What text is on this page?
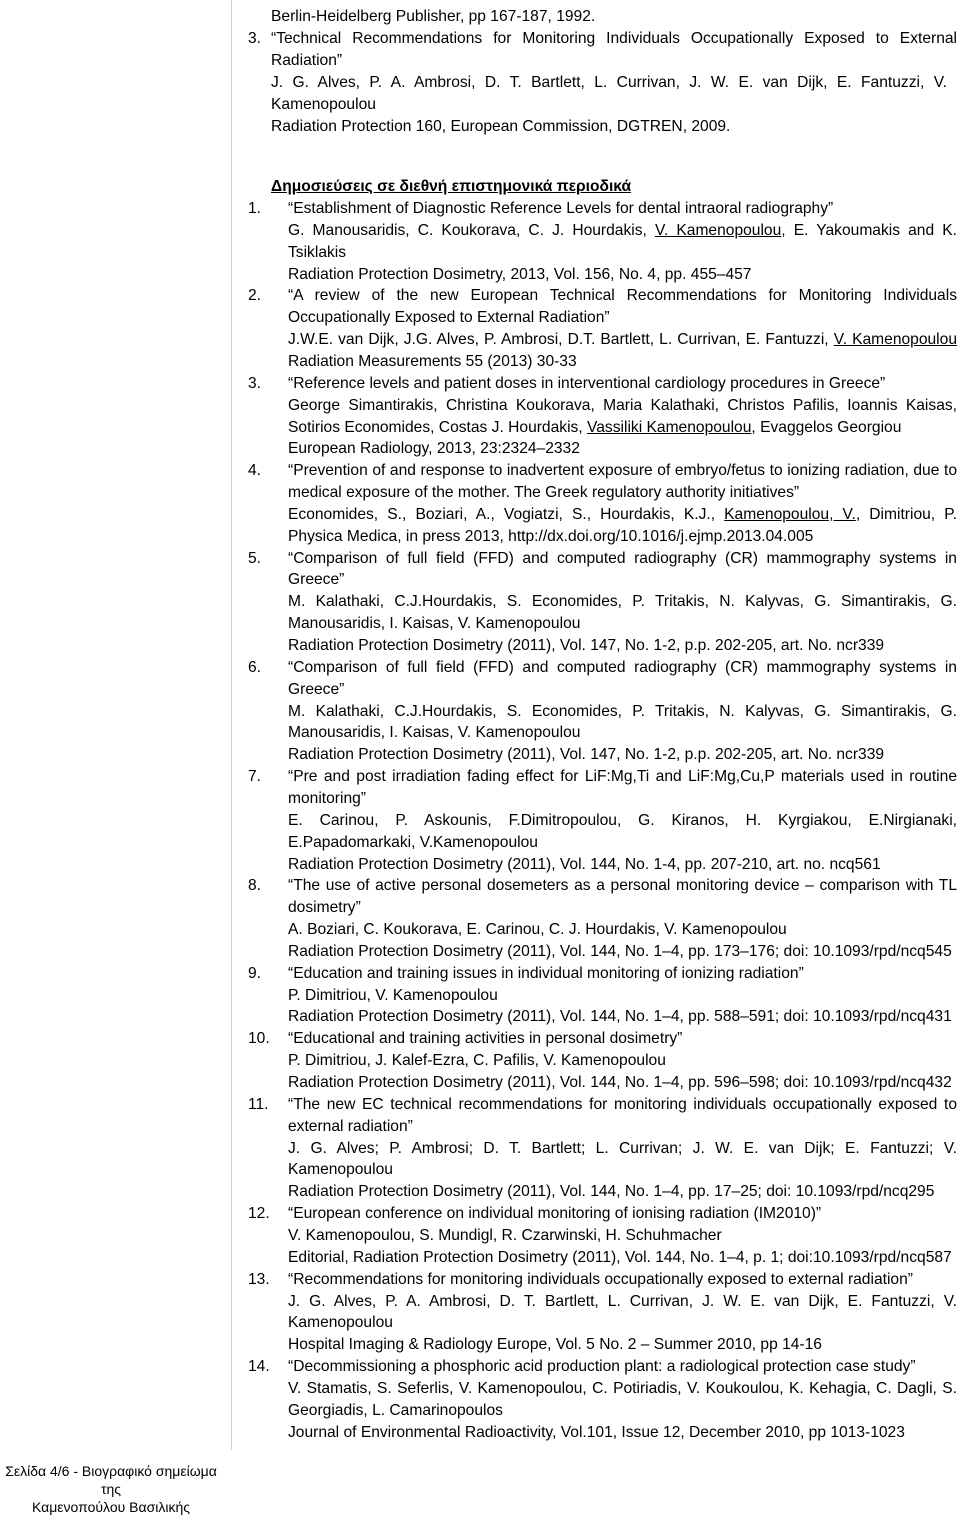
Berlin-Heidelberg Publisher, pp 167-187, 1992.
3. “Technical Recommendations for Monitoring Individuals Occupationally Exposed to External
Radiation”
J. G. Alves, P. A. Ambrosi, D. T. Bartlett, L. Currivan, J. W. E. van Dijk, E. Fantuzzi, V.
Kamenopoulou
Radiation Protection 160, European Commission, DGTREN, 2009.
Δημοσιεύσεις σε διεθνή επιστημονικά περιοδικά
1. “Establishment of Diagnostic Reference Levels for dental intraoral radiography”
G. Manousaridis, C. Koukorava, C. J. Hourdakis, V. Kamenopoulou, E. Yakoumakis and K.
Tsiklakis
Radiation Protection Dosimetry, 2013, Vol. 156, No. 4, pp. 455–457
2. “A review of the new European Technical Recommendations for Monitoring Individuals
Occupationally Exposed to External Radiation”
J.W.E. van Dijk, J.G. Alves, P. Ambrosi, D.T. Bartlett, L. Currivan, E. Fantuzzi, V. Kamenopoulou
Radiation Measurements 55 (2013) 30-33
3. “Reference levels and patient doses in interventional cardiology procedures in Greece”
George Simantirakis, Christina Koukorava, Maria Kalathaki, Christos Pafilis, Ioannis Kaisas,
Sotirios Economides, Costas J. Hourdakis, Vassiliki Kamenopoulou, Evaggelos Georgiou
European Radiology, 2013, 23:2324–2332
4. “Prevention of and response to inadvertent exposure of embryo/fetus to ionizing radiation, due to
medical exposure of the mother. The Greek regulatory authority initiatives”
Economides, S., Boziari, A., Vogiatzi, S., Hourdakis, K.J., Kamenopoulou, V., Dimitriou, P.
Physica Medica, in press 2013, http://dx.doi.org/10.1016/j.ejmp.2013.04.005
5. “Comparison of full field (FFD) and computed radiography (CR) mammography systems in
Greece”
M. Kalathaki, C.J.Hourdakis, S. Economides, P. Tritakis, N. Kalyvas, G. Simantirakis, G.
Manousaridis, I. Kaisas, V. Kamenopoulou
Radiation Protection Dosimetry (2011), Vol. 147, No. 1-2, p.p. 202-205, art. No. ncr339
6. “Comparison of full field (FFD) and computed radiography (CR) mammography systems in
Greece”
M. Kalathaki, C.J.Hourdakis, S. Economides, P. Tritakis, N. Kalyvas, G. Simantirakis, G.
Manousaridis, I. Kaisas, V. Kamenopoulou
Radiation Protection Dosimetry (2011), Vol. 147, No. 1-2, p.p. 202-205, art. No. ncr339
7. “Pre and post irradiation fading effect for LiF:Mg,Ti and LiF:Mg,Cu,P materials used in routine
monitoring”
E. Carinou, P. Askounis, F.Dimitropoulou, G. Kiranos, H. Kyrgiakou, E.Nirgianaki,
E.Papadomarkaki, V.Kamenopoulou
Radiation Protection Dosimetry (2011), Vol. 144, No. 1-4, pp. 207-210, art. no. ncq561
8. “The use of active personal dosemeters as a personal monitoring device – comparison with TL
dosimetry”
A. Boziari, C. Koukorava, E. Carinou, C. J. Hourdakis, V. Kamenopoulou
Radiation Protection Dosimetry (2011), Vol. 144, No. 1–4, pp. 173–176; doi: 10.1093/rpd/ncq545
9. “Education and training issues in individual monitoring of ionizing radiation”
P. Dimitriou, V. Kamenopoulou
Radiation Protection Dosimetry (2011), Vol. 144, No. 1–4, pp. 588–591; doi: 10.1093/rpd/ncq431
10. “Educational and training activities in personal dosimetry”
P. Dimitriou, J. Kalef-Ezra, C. Pafilis, V. Kamenopoulou
Radiation Protection Dosimetry (2011), Vol. 144, No. 1–4, pp. 596–598; doi: 10.1093/rpd/ncq432
11. “The new EC technical recommendations for monitoring individuals occupationally exposed to
external radiation”
J. G. Alves; P. Ambrosi; D. T. Bartlett; L. Currivan; J. W. E. van Dijk; E. Fantuzzi; V.
Kamenopoulou
Radiation Protection Dosimetry (2011), Vol. 144, No. 1–4, pp. 17–25; doi: 10.1093/rpd/ncq295
12. “European conference on individual monitoring of ionising radiation (IM2010)”
V. Kamenopoulou, S. Mundigl, R. Czarwinski, H. Schuhmacher
Editorial, Radiation Protection Dosimetry (2011), Vol. 144, No. 1–4, p. 1; doi:10.1093/rpd/ncq587
13. “Recommendations for monitoring individuals occupationally exposed to external radiation”
J. G. Alves, P. A. Ambrosi, D. T. Bartlett, L. Currivan, J. W. E. van Dijk, E. Fantuzzi, V.
Kamenopoulou
Hospital Imaging & Radiology Europe, Vol. 5 No. 2 – Summer 2010, pp 14-16
14. “Decommissioning a phosphoric acid production plant: a radiological protection case study”
V. Stamatis, S. Seferlis, V. Kamenopoulou, C. Potiriadis, V. Koukoulou, K. Kehagia, C. Dagli, S.
Georgiadis, L. Camarinopoulos
Journal of Environmental Radioactivity, Vol.101, Issue 12, December 2010, pp 1013-1023
Σελίδα 4/6 - Βιογραφικό σημείωμα της
Καμενοπούλου Βασιλικής
